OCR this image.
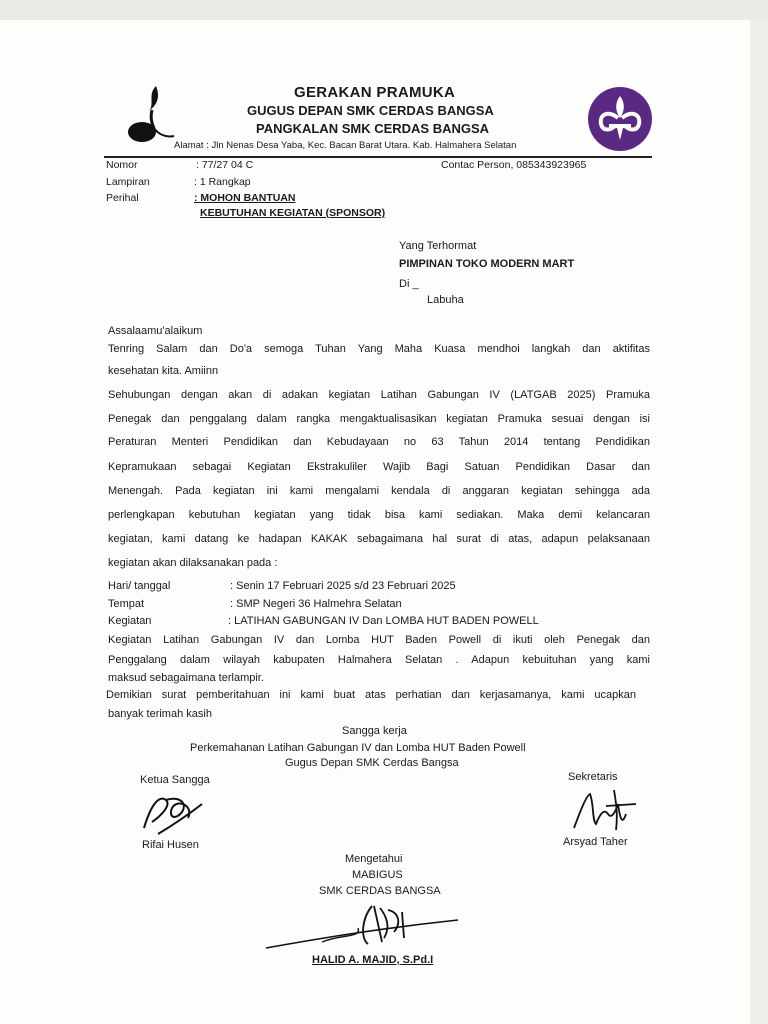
GERAKAN PRAMUKA
GUGUS DEPAN SMK CERDAS BANGSA
PANGKALAN SMK CERDAS BANGSA
Alamat : Jln Nenas Desa Yaba, Kec. Bacan Barat Utara. Kab. Halmahera Selatan
Nomor	: 77/27 04 C	Contac Person, 085343923965
Lampiran	: 1 Rangkap
Perihal	: MOHON BANTUAN
KEBUTUHAN KEGIATAN (SPONSOR)
Yang Terhormat
PIMPINAN TOKO MODERN MART
Di _
Labuha
Assalaamu'alaikum
Tenring Salam dan Do'a semoga Tuhan Yang Maha Kuasa mendhoi langkah dan aktifitas
kesehatan kita. Amiinn
Sehubungan dengan akan di adakan kegiatan Latihan Gabungan IV (LATGAB 2025) Pramuka
Penegak dan penggalang dalam rangka mengaktualisasikan kegiatan Pramuka sesuai dengan isi
Peraturan Menteri Pendidikan dan Kebudayaan no 63 Tahun 2014 tentang Pendidikan
Kepramukaan sebagai Kegiatan Ekstrakuliler Wajib Bagi Satuan Pendidikan Dasar dan
Menengah. Pada kegiatan ini kami mengalami kendala di anggaran kegiatan sehingga ada
perlengkapan kebutuhan kegiatan yang tidak bisa kami sediakan. Maka demi kelancaran
kegiatan, kami datang ke hadapan KAKAK sebagaimana hal surat di atas, adapun pelaksanaan
kegiatan akan dilaksanakan pada :
Hari/ tanggal	: Senin 17 Februari 2025 s/d 23 Februari 2025
Tempat	: SMP Negeri 36 Halmehra Selatan
Kegiatan	: LATIHAN GABUNGAN IV Dan LOMBA HUT BADEN POWELL
Kegiatan Latihan Gabungan IV dan Lomba HUT Baden Powell di ikuti oleh Penegak dan
Penggalang dalam wilayah kabupaten Halmahera Selatan . Adapun kebuituhan yang kami
maksud sebagaimana terlampir.
Demikian surat pemberitahuan ini kami buat atas perhatian dan kerjasamanya, kami ucapkan
banyak terimah kasih
Sangga kerja
Perkemahanan Latihan Gabungan IV dan Lomba HUT Baden Powell
Gugus Depan SMK Cerdas Bangsa
Ketua Sangga
Rifai Husen
Sekretaris
Arsyad Taher
Mengetahui
MABIGUS
SMK CERDAS BANGSA
HALID A. MAJID, S.Pd.I
